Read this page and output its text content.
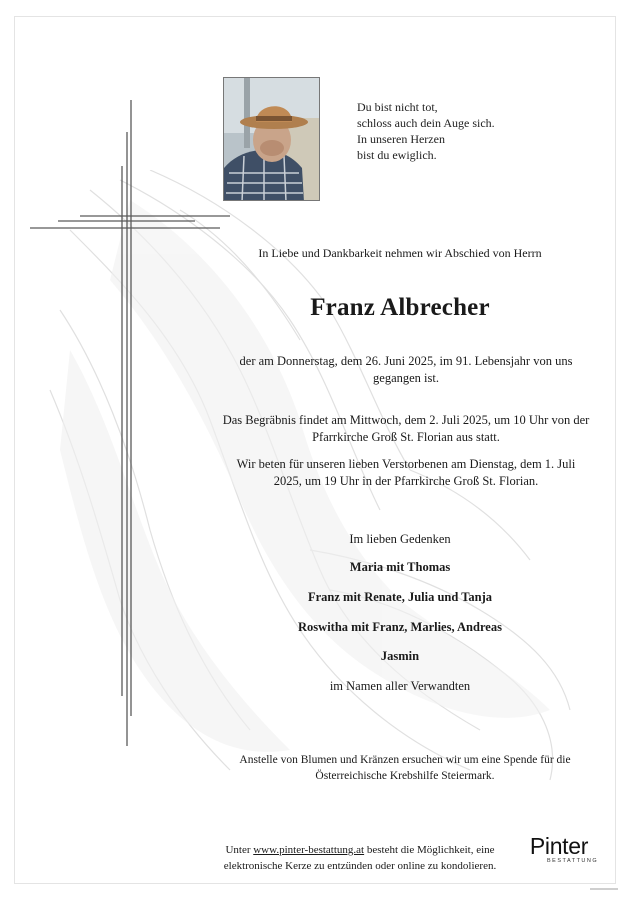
Du bist nicht tot,
schloss auch dein Auge sich.
In unseren Herzen
bist du ewiglich.
In Liebe und Dankbarkeit nehmen wir Abschied von Herrn
Franz Albrecher
der am Donnerstag, dem 26. Juni 2025, im 91. Lebensjahr von uns gegangen ist.
Das Begräbnis findet am Mittwoch, dem 2. Juli 2025, um 10 Uhr von der Pfarrkirche Groß St. Florian aus statt.
Wir beten für unseren lieben Verstorbenen am Dienstag, dem 1. Juli 2025, um 19 Uhr in der Pfarrkirche Groß St. Florian.
Im lieben Gedenken
Maria mit Thomas
Franz mit Renate, Julia und Tanja
Roswitha mit Franz, Marlies, Andreas
Jasmin
im Namen aller Verwandten
Anstelle von Blumen und Kränzen ersuchen wir um eine Spende für die Österreichische Krebshilfe Steiermark.
Unter www.pinter-bestattung.at besteht die Möglichkeit, eine elektronische Kerze zu entzünden oder online zu kondolieren.
Pinter
BESTATTUNG
